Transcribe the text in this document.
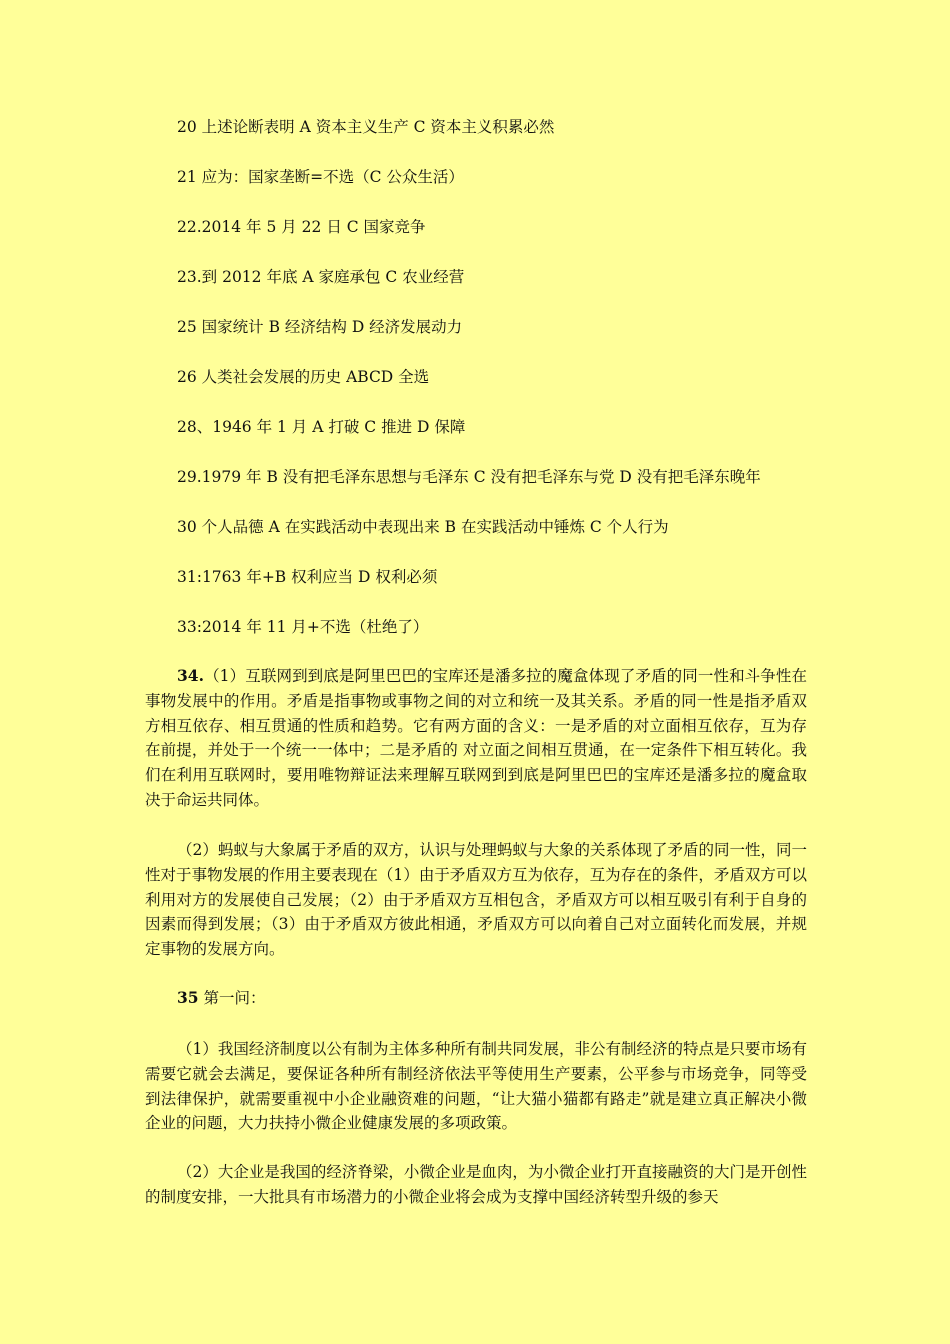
20 上述论断表明 A 资本主义生产 C 资本主义积累必然
21 应为：国家垄断=不选（C 公众生活）
22.2014 年 5 月 22 日 C 国家竞争
23.到 2012 年底 A 家庭承包 C 农业经营
25 国家统计 B 经济结构 D 经济发展动力
26 人类社会发展的历史 ABCD 全选
28、1946 年 1 月 A 打破 C 推进 D 保障
29.1979 年 B 没有把毛泽东思想与毛泽东 C 没有把毛泽东与党 D 没有把毛泽东晚年
30 个人品德 A 在实践活动中表现出来 B 在实践活动中锤炼 C 个人行为
31:1763 年+B 权利应当 D 权利必须
33:2014 年 11 月+不选（杜绝了）

34.（1）互联网到到底是阿里巴巴的宝库还是潘多拉的魔盒体现了矛盾的同一性和斗争性在事物发展中的作用。矛盾是指事物或事物之间的对立和统一及其关系。矛盾的同一性是指矛盾双方相互依存、相互贯通的性质和趋势。它有两方面的含义：一是矛盾的对立面相互依存，互为存在前提，并处于一个统一一体中；二是矛盾的 对立面之间相互贯通，在一定条件下相互转化。我们在利用互联网时，要用唯物辩证法来理解互联网到到底是阿里巴巴的宝库还是潘多拉的魔盒取决于命运共同体。

（2）蚂蚁与大象属于矛盾的双方，认识与处理蚂蚁与大象的关系体现了矛盾的同一性，同一性对于事物发展的作用主要表现在（1）由于矛盾双方互为依存，互为存在的条件，矛盾双方可以利用对方的发展使自己发展；（2）由于矛盾双方互相包含，矛盾双方可以相互吸引有利于自身的因素而得到发展；（3）由于矛盾双方彼此相通，矛盾双方可以向着自己对立面转化而发展，并规定事物的发展方向。

35 第一问：

（1）我国经济制度以公有制为主体多种所有制共同发展，非公有制经济的特点是只要市场有需要它就会去满足，要保证各种所有制经济依法平等使用生产要素，公平参与市场竞争，同等受到法律保护，就需要重视中小企业融资难的问题，“让大猫小猫都有路走”就是建立真正解决小微企业的问题，大力扶持小微企业健康发展的多项政策。

（2）大企业是我国的经济脊梁，小微企业是血肉，为小微企业打开直接融资的大门是开创性的制度安排，一大批具有市场潜力的小微企业将会成为支撑中国经济转型升级的参天
